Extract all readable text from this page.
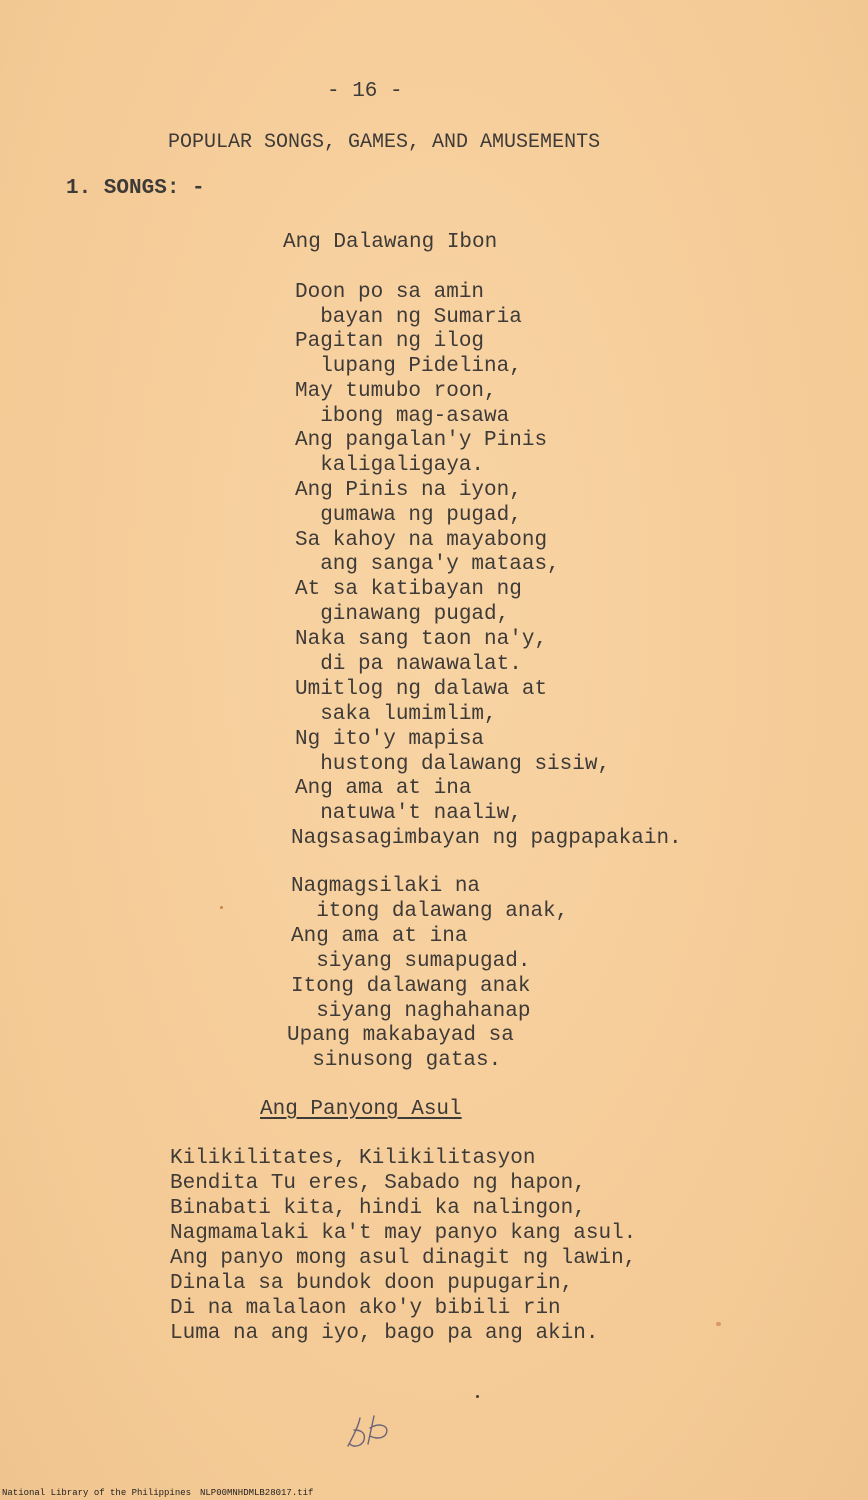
- 16 -
POPULAR SONGS, GAMES, AND AMUSEMENTS
1. SONGS: -
Ang Dalawang Ibon
Doon po sa amin
bayan ng Sumaria
Pagitan ng ilog
lupang Pidelina,
May tumubo roon,
ibong mag-asawa
Ang pangalan'y Pinis
kaligaligaya.
Ang Pinis na iyon,
gumawa ng pugad,
Sa kahoy na mayabong
ang sanga'y mataas,
At sa katibayan ng
ginawang pugad,
Naka sang taon na'y,
di pa nawawalat.
Umitlog ng dalawa at
saka lumimlim,
Ng ito'y mapisa
hustong dalawang sisiw,
Ang ama at ina
natuwa't naaliw,
Nagsasagimbayan ng pagpapakain.
Nagmagsilaki na
itong dalawang anak,
Ang ama at ina
siyang sumapugad.
Itong dalawang anak
siyang naghahanap
Upang makabayad sa
sinusong gatas.
Ang Panyong Asul
Kilikilitates, Kilikilitasyon
Bendita Tu eres, Sabado ng hapon,
Binabati kita, hindi ka nalingon,
Nagmamalaki ka't may panyo kang asul.
Ang panyo mong asul dinagit ng lawin,
Dinala sa bundok doon pupugarin,
Di na malalaon ako'y bibili rin
Luma na ang iyo, bago pa ang akin.
National Library of the Philippines NLP00MNHDMLB28017.tif
